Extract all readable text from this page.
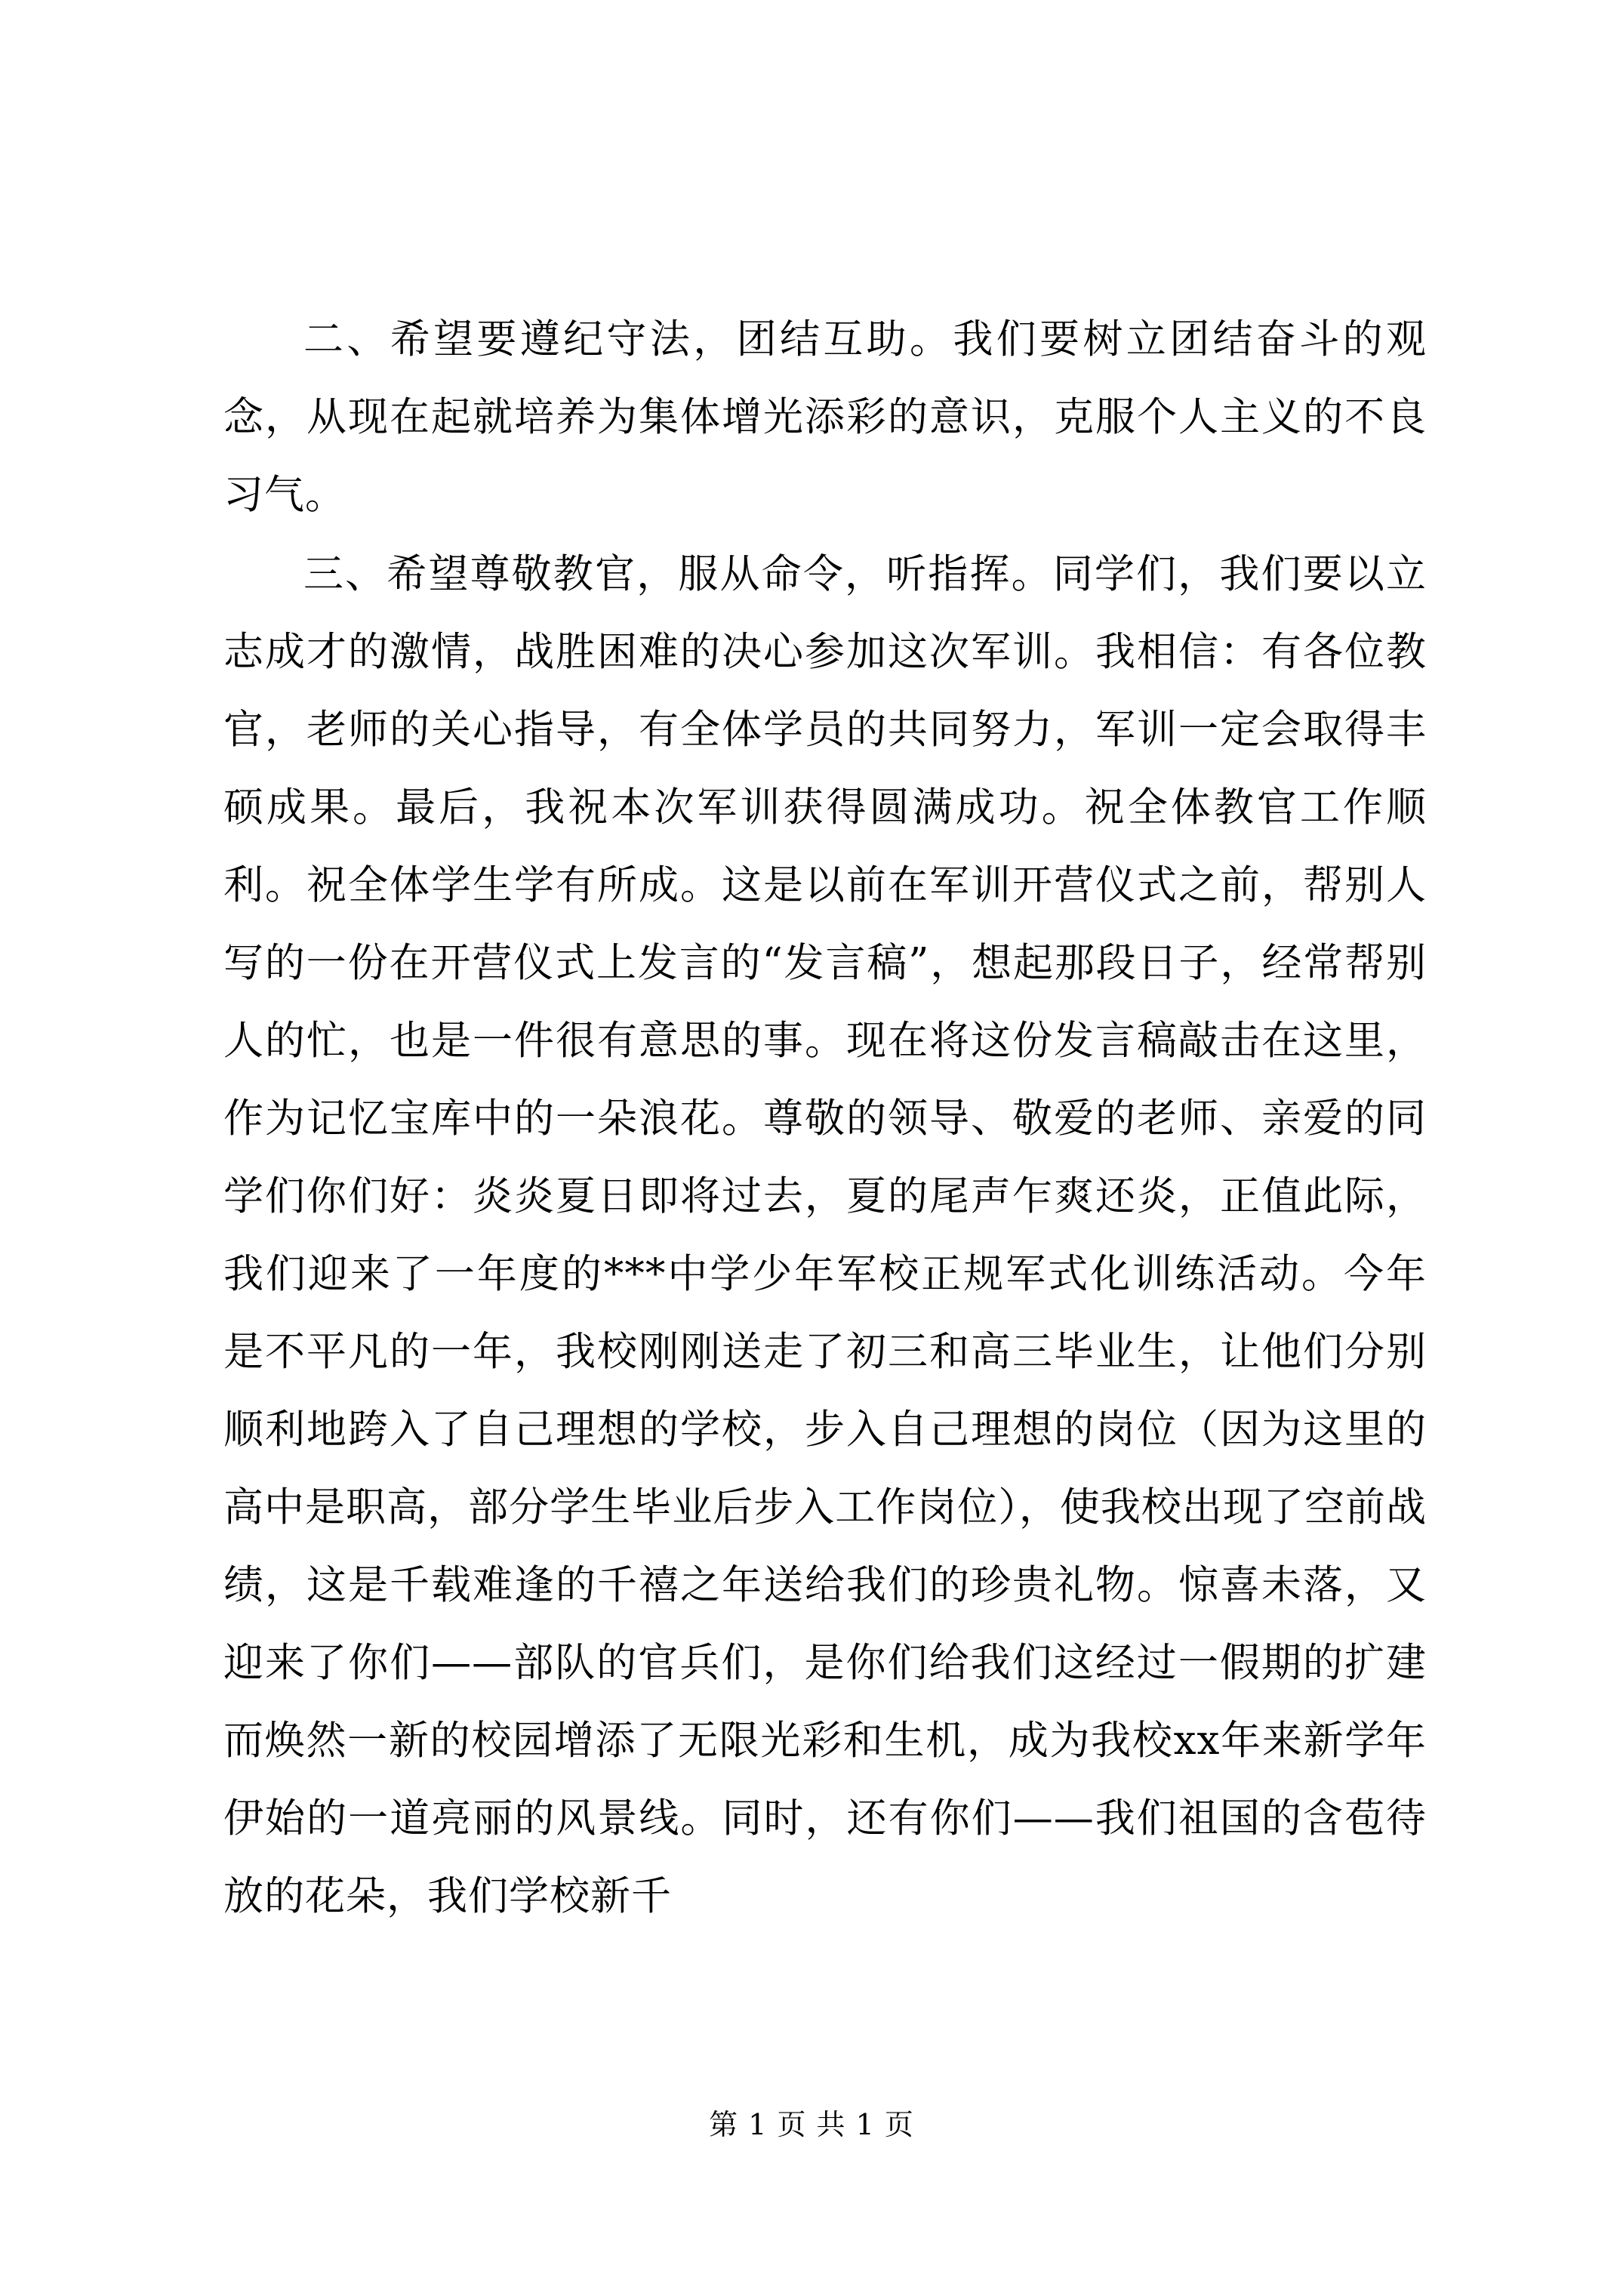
二、希望要遵纪守法，团结互助。我们要树立团结奋斗的观念，从现在起就培养为集体增光添彩的意识，克服个人主义的不良习气。

三、希望尊敬教官，服从命令，听指挥。同学们，我们要以立志成才的激情，战胜困难的决心参加这次军训。我相信：有各位教官，老师的关心指导，有全体学员的共同努力，军训一定会取得丰硕成果。最后，我祝本次军训获得圆满成功。祝全体教官工作顺利。祝全体学生学有所成。这是以前在军训开营仪式之前，帮别人写的一份在开营仪式上发言的“发言稿”，想起那段日子，经常帮别人的忙，也是一件很有意思的事。现在将这份发言稿敲击在这里，作为记忆宝库中的一朵浪花。尊敬的领导、敬爱的老师、亲爱的同学们你们好：炎炎夏日即将过去，夏的尾声乍爽还炎，正值此际，我们迎来了一年度的***中学少年军校正规军式化训练活动。今年是不平凡的一年，我校刚刚送走了初三和高三毕业生，让他们分别顺利地跨入了自己理想的学校，步入自己理想的岗位（因为这里的高中是职高，部分学生毕业后步入工作岗位），使我校出现了空前战绩，这是千载难逢的千禧之年送给我们的珍贵礼物。惊喜未落，又迎来了你们——部队的官兵们，是你们给我们这经过一假期的扩建而焕然一新的校园增添了无限光彩和生机，成为我校xx年来新学年伊始的一道亮丽的风景线。同时，还有你们——我们祖国的含苞待放的花朵，我们学校新千

第 1 页 共 1 页
